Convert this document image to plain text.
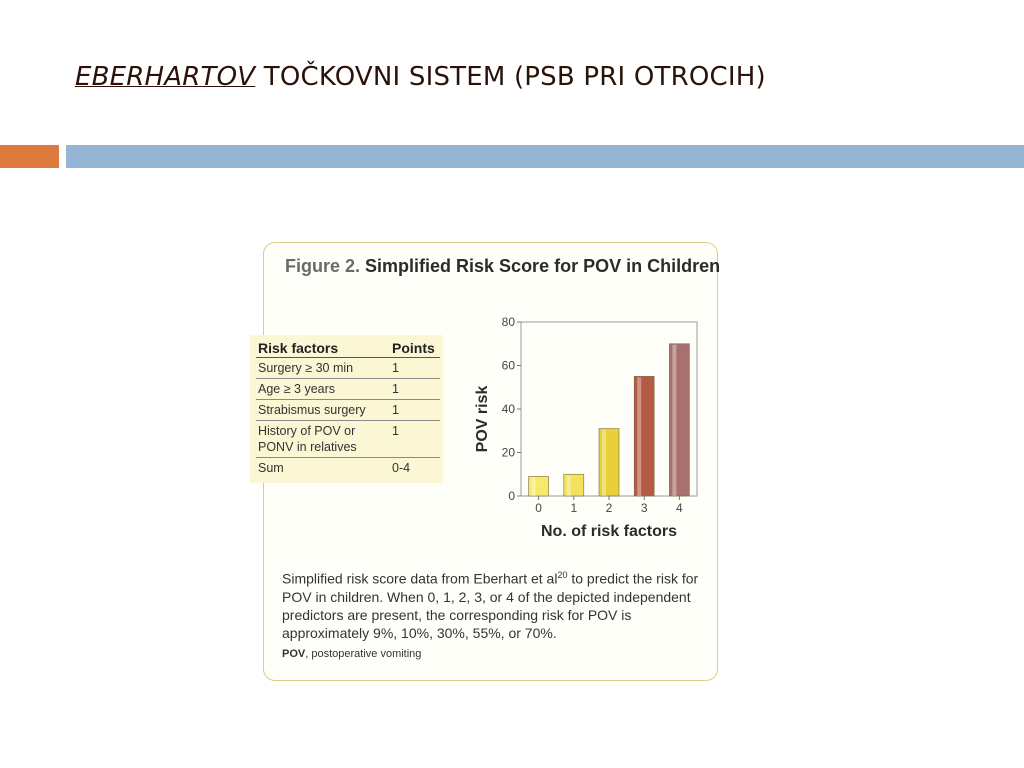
EBERHARTOV TOČKOVNI SISTEM (PSB PRI OTROCIH)
Figure 2. Simplified Risk Score for POV in Children
Risk factors	Points
Surgery ≥ 30 min	1
Age ≥ 3 years	1
Strabismus surgery	1
History of POV or PONV in relatives	1
Sum	0-4
0
20
40
60
80
0 1 2 3 4
No. of risk factors
POV risk
Simplified risk score data from Eberhart et $al^{20}$ to predict the risk for POV in children. When 0, 1, 2, 3, or 4 of the depicted independent predictors are present, the corresponding risk for POV is approximately 9%, 10%, 30%, 55%, or 70%.
POV, postoperative vomiting
